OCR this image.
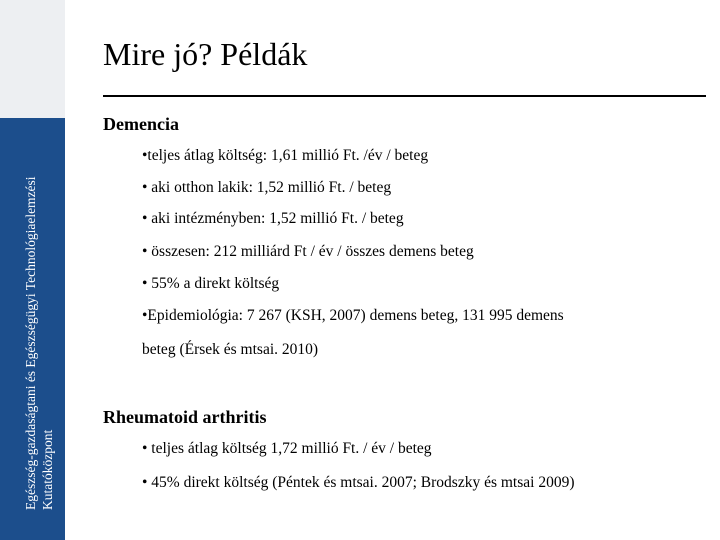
Egészség-gazdaságtani és Egészségügyi Technológiaelemzési Kutatóközpont
Mire jó? Példák
Demencia
•teljes átlag költség: 1,61 millió Ft. /év / beteg
• aki otthon lakik: 1,52 millió Ft. / beteg
• aki intézményben: 1,52 millió Ft. / beteg
• összesen: 212 milliárd Ft / év / összes demens beteg
• 55% a direkt költség
•Epidemiológia: 7 267 (KSH, 2007) demens beteg, 131 995 demens
beteg (Érsek és mtsai. 2010)
Rheumatoid arthritis
• teljes átlag költség 1,72 millió Ft. / év / beteg
• 45% direkt költség (Péntek és mtsai. 2007; Brodszky és mtsai 2009)
